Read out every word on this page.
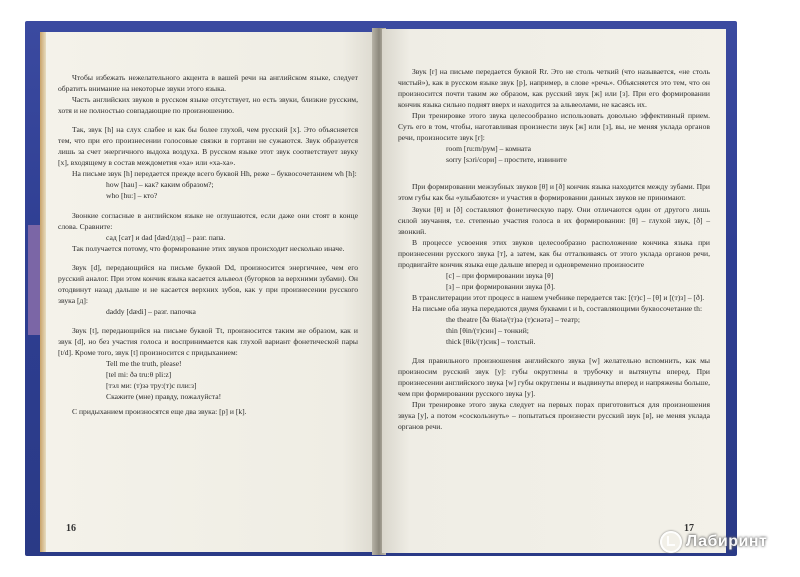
Чтобы избежать нежелательного акцента в вашей речи на английском языке, следует обратить внимание на некоторые звуки этого языка.
Часть английских звуков в русском языке отсутствует, но есть звуки, близкие русским, хотя и не полностью совпадающие по произношению.
Так, звук [h] на слух слабее и как бы более глухой, чем русский [х]. Это объясняется тем, что при его произнесении голосовые связки в гортани не сужаются. Звук образуется лишь за счет энергичного выдоха воздуха. В русском языке этот звук соответствует звуку [х], входящему в состав междометия «ха» или «ха-ха».
На письме звук [h] передается прежде всего буквой Hh, реже – буквосочетанием wh [h]:
how [hau] – как? каким образом?;
who [hu:] – кто?
Звонкие согласные в английском языке не оглушаются, если даже они стоят в конце слова. Сравните:
сад [сат] и dad [dæd/дэд] – разг. папа.
Так получается потому, что формирование этих звуков происходит несколько иначе.
Звук [d], передающийся на письме буквой Dd, произносится энергичнее, чем его русский аналог. При этом кончик языка касается альвеол (бугорков за верхними зубами). Он отодвинут назад дальше и не касается верхних зубов, как у при произнесении русского звука [д]:
daddy [dædi] – разг. папочка
Звук [t], передающийся на письме буквой Tt, произносится таким же образом, как и звук [d], но без участия голоса и воспринимается как глухой вариант фонетической пары [t/d]. Кроме того, звук [t] произносится с придыханием:
Tell me the truth, please!
[tel mi: ðə tru:θ pli:z]
[тэл ми: (т)зә тру:(т)с пли:з]
Скажите (мне) правду, пожалуйста!
С придыханием произносятся еще два звука: [p] и [k].
16
Звук [r] на письме передается буквой Rr. Это не столь четкий (что называется, «не столь чистый»), как в русском языке звук [р], например, в слове «речь». Объясняется это тем, что он произносится почти таким же образом, как русский звук [ж] или [з]. При его формировании кончик языка сильно поднят вверх и находится за альвеолами, не касаясь их.
При тренировке этого звука целесообразно использовать довольно эффективный прием. Суть его в том, чтобы, наготавливая произнести звук [ж] или [з], вы, не меняя уклада органов речи, произносите звук [r]:
room [ru:m/рум] – комната
sorry [sɔri/сори] – простите, извините
При формировании межзубных звуков [θ] и [ð] кончик языка находится между зубами. При этом губы как бы «улыбаются» и участия в формировании данных звуков не принимают.
Звуки [θ] и [ð] составляют фонетическую пару. Они отличаются один от другого лишь силой звучания, т.е. степенью участия голоса в их формировании: [θ] – глухой звук, [ð] – звонкий.
В процессе усвоения этих звуков целесообразно расположение кончика языка при произнесении русского звука [т], а затем, как бы отталкиваясь от этого уклада органов речи, продвигайте кончик языка еще дальше вперед и одновременно произносите
[с] – при формировании звука [θ]
[з] – при формировании звука [ð].
В транслитерации этот процесс в нашем учебнике передается так: [(т)с] – [θ] и [(т)з] – [ð].
На письме оба звука передаются двумя буквами t и h, составляющими буквосочетание th:
the theatre [ðə θiətə/(т)зә (т)сиәтә] – театр;
thin [θin/(т)син] – тонкий;
thick [θik/(т)сик] – толстый.
Для правильного произношения английского звука [w] желательно вспомнить, как мы произносим русский звук [у]: губы округлены в трубочку и вытянуты вперед. При произнесении английского звука [w] губы округлены и выдвинуты вперед и напряжены больше, чем при формировании русского звука [у].
При тренировке этого звука следует на первых порах приготовиться для произношения звука [у], а потом «соскользнуть» – попытаться произнести русский звук [в], не меняя уклада органов речи.
17
Лабиринт
